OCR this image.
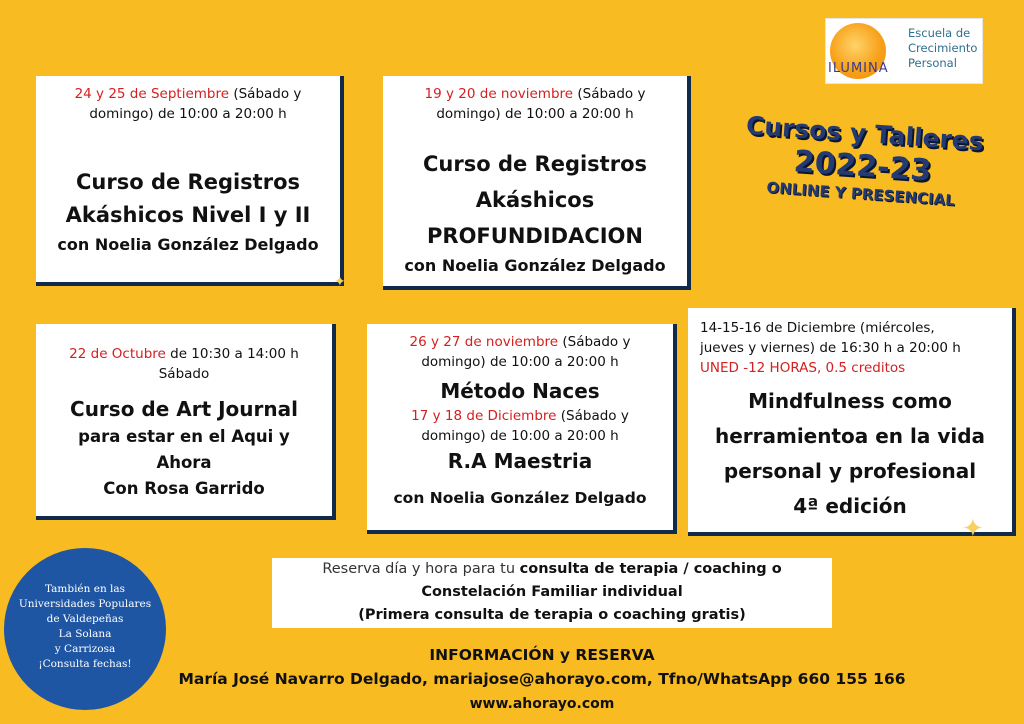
ILUMINA
Escuela de
Crecimiento
Personal
Cursos y Talleres
2022-23
ONLINE Y PRESENCIAL
24 y 25 de Septiembre (Sábado y domingo) de 10:00 a 20:00 h
Curso de Registros
Akáshicos Nivel I y II
con Noelia González Delgado
19 y 20 de noviembre (Sábado y domingo) de 10:00 a 20:00 h
Curso de Registros
Akáshicos
PROFUNDIDACION
con Noelia González Delgado
22 de Octubre de 10:30 a 14:00 h
Sábado
Curso de Art Journal
para estar en el Aqui y
Ahora
Con Rosa Garrido
26 y 27 de noviembre (Sábado y domingo) de 10:00 a 20:00 h
Método Naces
17 y 18 de Diciembre (Sábado y domingo) de 10:00 a 20:00 h
R.A Maestria
con Noelia González Delgado
14-15-16 de Diciembre (miércoles,
jueves y viernes) de 16:30 h a 20:00 h
UNED -12 HORAS, 0.5 creditos
Mindfulness como
herramientoa en la vida
personal y profesional
4ª edición
✦
✦
También en las
Universidades Populares
de Valdepeñas
La Solana
y Carrizosa
¡Consulta fechas!
Reserva día y hora para tu consulta de terapia / coaching o
Constelación Familiar individual
(Primera consulta de terapia o coaching gratis)
INFORMACIÓN y RESERVA
María José Navarro Delgado, mariajose@ahorayo.com, Tfno/WhatsApp 660 155 166
www.ahorayo.com
